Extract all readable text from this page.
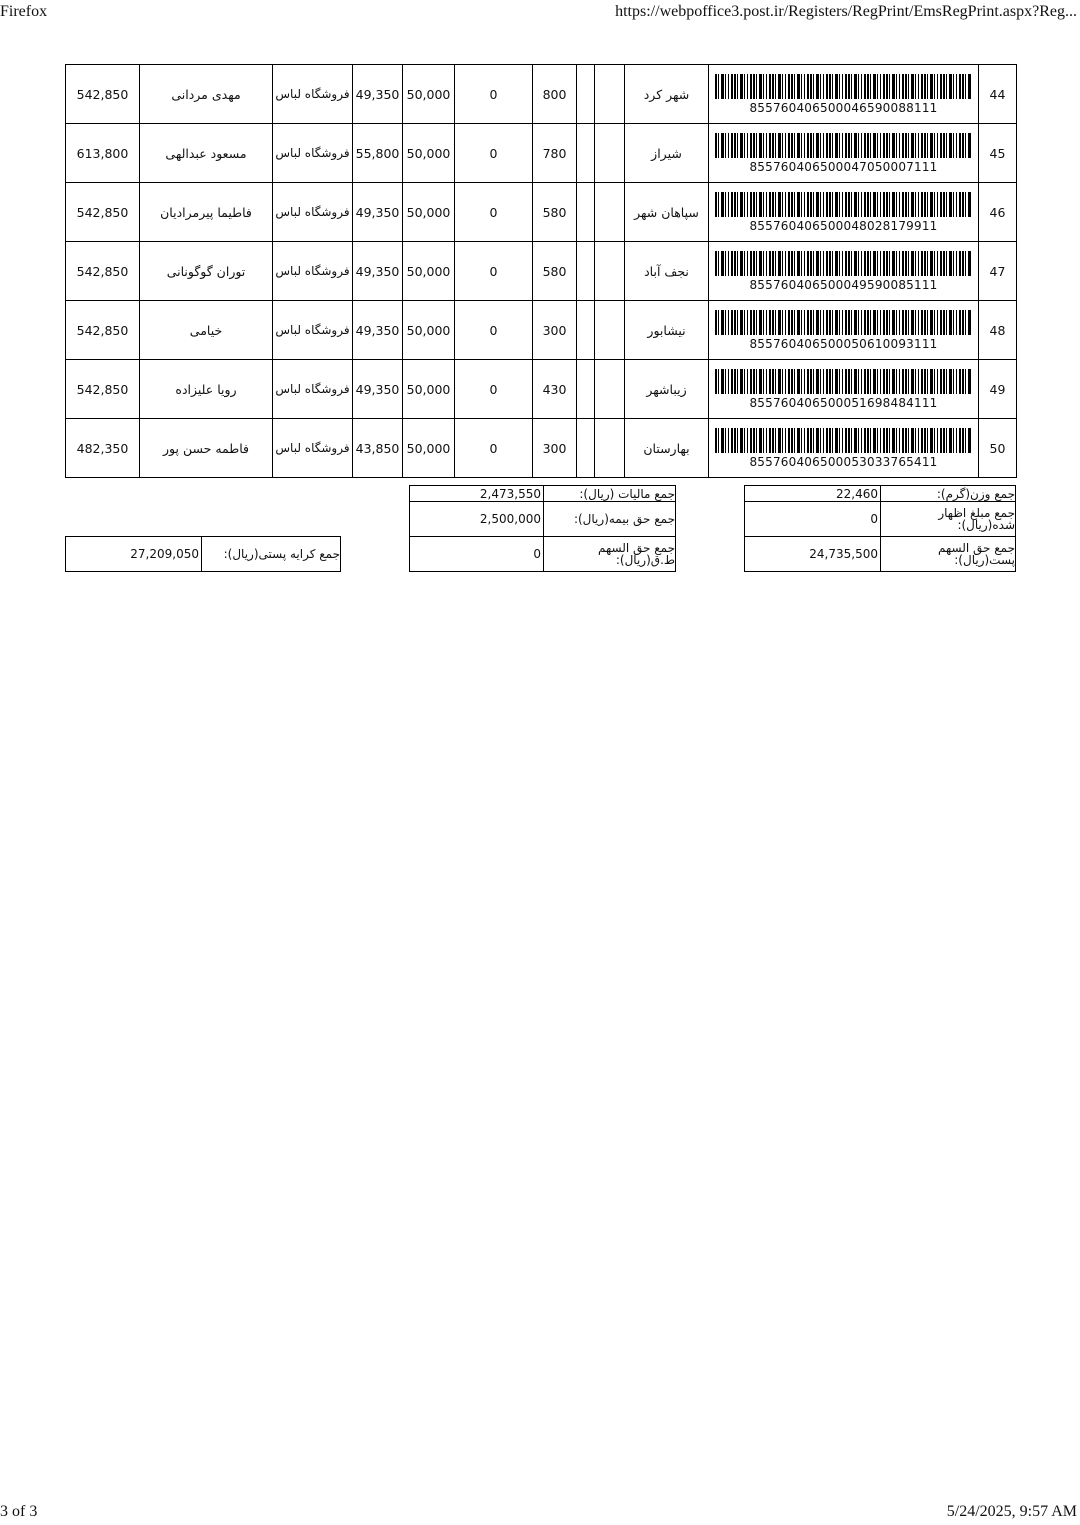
Firefox	https://webpoffice3.post.ir/Registers/RegPrint/EmsRegPrint.aspx?Reg...
542,850	مهدی مردانی	فروشگاه لباس	49,350	50,000	0	800			شهر کرد	855760406500046590088111	44
613,800	مسعود عبدالهی	فروشگاه لباس	55,800	50,000	0	780			شیراز	855760406500047050007111	45
542,850	فاطیما پیرمرادیان	فروشگاه لباس	49,350	50,000	0	580			سپاهان شهر	855760406500048028179911	46
542,850	توران گوگونانی	فروشگاه لباس	49,350	50,000	0	580			نجف آباد	855760406500049590085111	47
542,850	خیامی	فروشگاه لباس	49,350	50,000	0	300			نیشابور	855760406500050610093111	48
542,850	رویا علیزاده	فروشگاه لباس	49,350	50,000	0	430			زیباشهر	855760406500051698484111	49
482,350	فاطمه حسن پور	فروشگاه لباس	43,850	50,000	0	300			بهارستان	855760406500053033765411	50
2,473,550	جمع مالیات (ریال):
2,500,000	جمع حق بیمه(ریال):
0	جمع حق السهم ط.ق(ریال):
22,460	جمع وزن(گرم):
0	جمع مبلغ اظهار شده(ریال):
24,735,500	جمع حق السهم پست(ریال):
27,209,050	جمع کرایه پستی(ریال):
3 of 3	5/24/2025, 9:57 AM
